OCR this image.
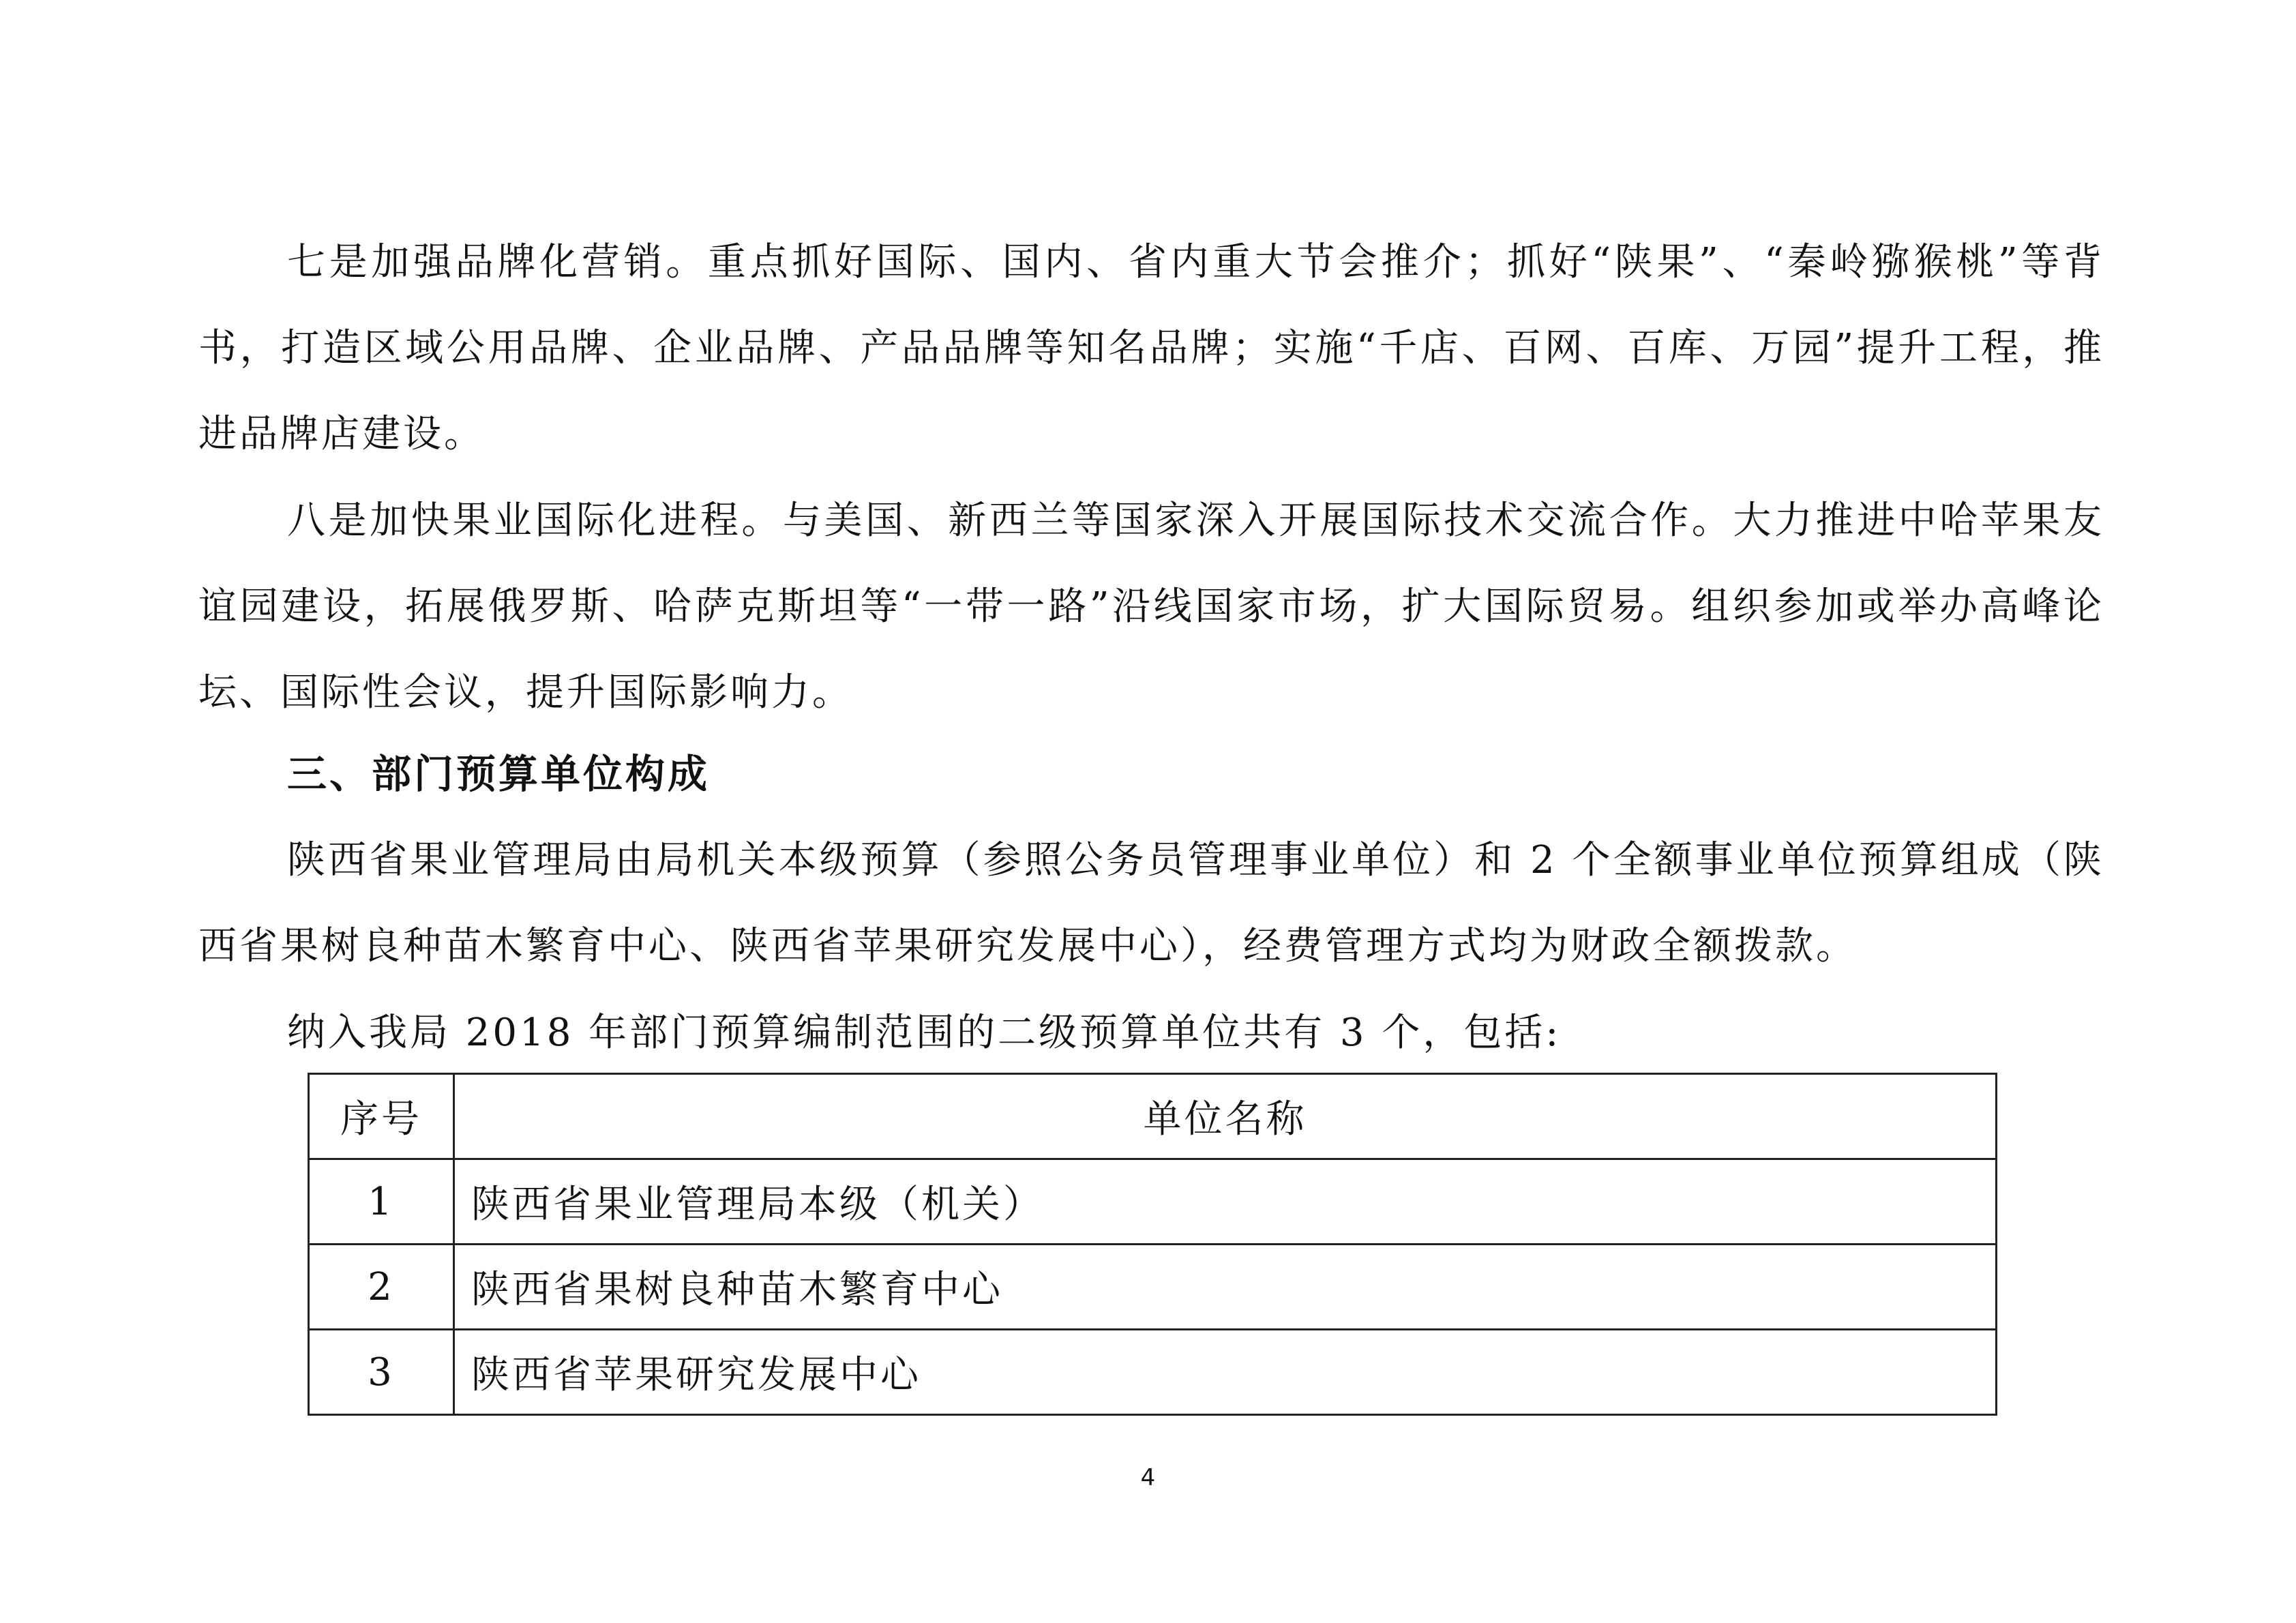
七是加强品牌化营销。重点抓好国际、国内、省内重大节会推介；抓好“陕果”、“秦岭猕猴桃”等背书，打造区域公用品牌、企业品牌、产品品牌等知名品牌；实施“千店、百网、百库、万园”提升工程，推进品牌店建设。

八是加快果业国际化进程。与美国、新西兰等国家深入开展国际技术交流合作。大力推进中哈苹果友谊园建设，拓展俄罗斯、哈萨克斯坦等“一带一路”沿线国家市场，扩大国际贸易。组织参加或举办高峰论坛、国际性会议，提升国际影响力。

三、部门预算单位构成

陕西省果业管理局由局机关本级预算（参照公务员管理事业单位）和 2 个全额事业单位预算组成（陕西省果树良种苗木繁育中心、陕西省苹果研究发展中心），经费管理方式均为财政全额拨款。

纳入我局 2018 年部门预算编制范围的二级预算单位共有 3 个，包括:

序号	单位名称
1	陕西省果业管理局本级（机关）
2	陕西省果树良种苗木繁育中心
3	陕西省苹果研究发展中心
4
